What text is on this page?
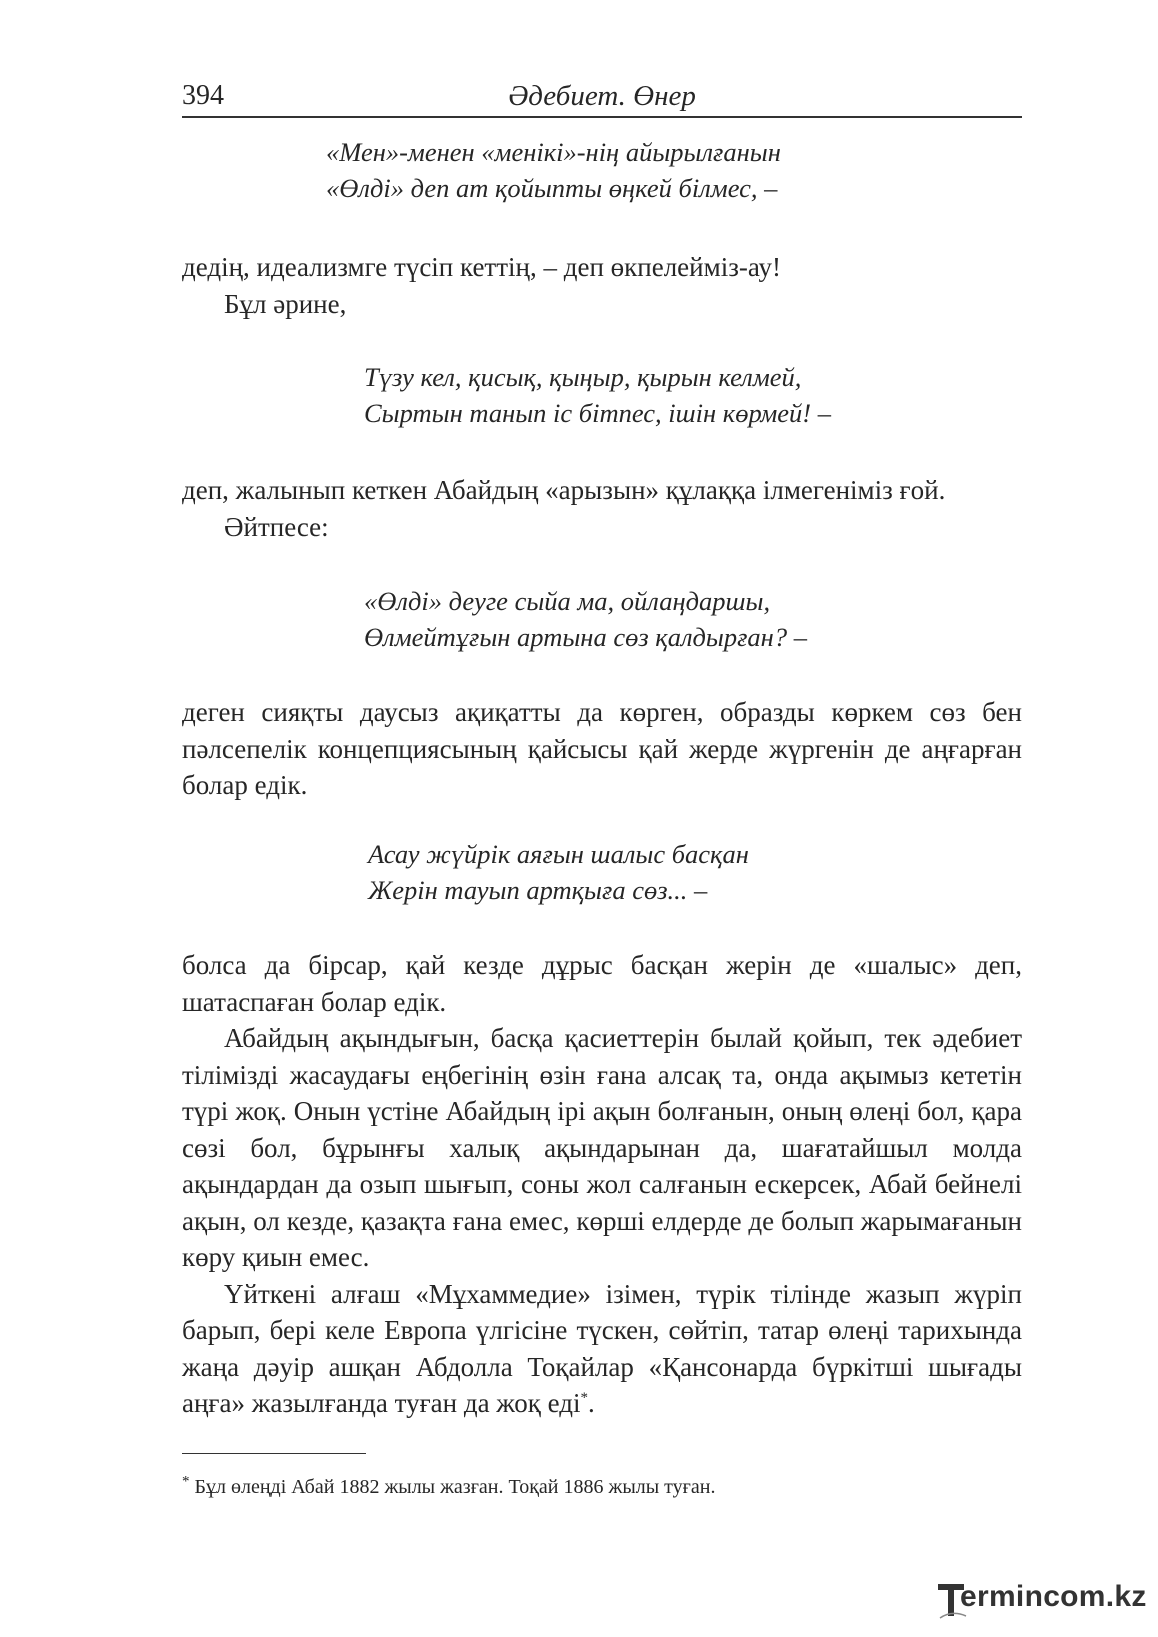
394	Әдебиет. Өнер
«Мен»-менен «менікі»-нің айырылғанын
«Өлді» деп ат қойыпты өңкей білмес, –

дедің, идеализмге түсіп кеттің, – деп өкпелейміз-ау!

Бұл әрине,

Түзу кел, қисық, қыңыр, қырын келмей,
Сыртын танып іс бітпес, ішін көрмей! –

деп, жалынып кеткен Абайдың «арызын» құлаққа ілмегеніміз ғой.

Әйтпесе:

«Өлді» деуге сыйа ма, ойлаңдаршы,
Өлмейтұғын артына сөз қалдырған? –

деген сияқты даусыз ақиқатты да көрген, образды көркем сөз бен пәлсепелік концепциясының қайсысы қай жерде жүргенін де аңғарған болар едік.

Асау жүйрік аяғын шалыс басқан
Жерін тауып артқыға сөз... –

болса да бірсар, қай кезде дұрыс басқан жерін де «шалыс» деп, шатаспаған болар едік.

Абайдың ақындығын, басқа қасиеттерін былай қойып, тек әдебиет тілімізді жасаудағы еңбегінің өзін ғана алсақ та, онда ақымыз кететін түрі жоқ. Онын үстіне Абайдың ірі ақын болғанын, оның өлеңі бол, қара сөзі бол, бұрынғы халық ақындарынан да, шағатайшыл молда ақындардан да озып шығып, соны жол салғанын ескерсек, Абай бейнелі ақын, ол кезде, қазақта ғана емес, көрші елдерде де болып жарымағанын көру қиын емес.

Үйткені алғаш «Мұхаммедие» ізімен, түрік тілінде жазып жүріп барып, бері келе Европа үлгісіне түскен, сөйтіп, татар өлеңі тарихында жаңа дәуір ашқан Абдолла Тоқайлар «Қансонарда бүркітші шығады аңға» жазылғанда туған да жоқ еді*.

* Бұл өлеңді Абай 1882 жылы жазған. Тоқай 1886 жылы туған.
ermincom.kz
